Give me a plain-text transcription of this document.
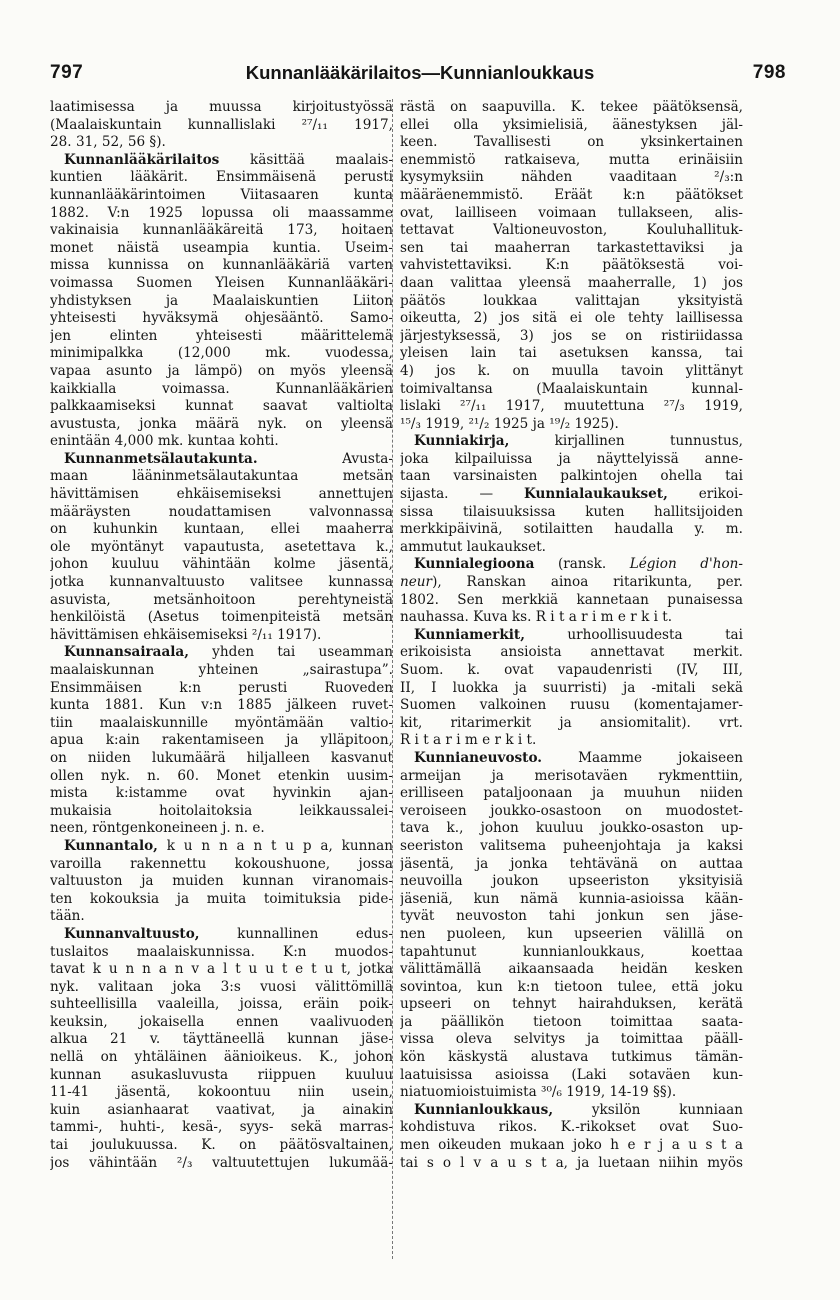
797	Kunnanlääkärilaitos—Kunnianloukkaus	798
laatimisessa ja muussa kirjoitustyössä
(Maalaiskuntain kunnallislaki ²⁷/₁₁ 1917,
28. 31, 52, 56 §).
Kunnanlääkärilaitos käsittää maalais-
kuntien lääkärit. Ensimmäisenä perusti
kunnanlääkärintoimen Viitasaaren kunta
1882. V:n 1925 lopussa oli maassamme
vakinaisia kunnanlääkäreitä 173, hoitaen
monet näistä useampia kuntia. Useim-
missa kunnissa on kunnanlääkäriä varten
voimassa Suomen Yleisen Kunnanlääkäri-
yhdistyksen ja Maalaiskuntien Liiton
yhteisesti hyväksymä ohjesääntö. Samo-
jen elinten yhteisesti määrittelemä
minimipalkka (12,000 mk. vuodessa,
vapaa asunto ja lämpö) on myös yleensä
kaikkialla voimassa. Kunnanlääkärien
palkkaamiseksi kunnat saavat valtiolta
avustusta, jonka määrä nyk. on yleensä
enintään 4,000 mk. kuntaa kohti.
Kunnanmetsälautakunta. Avusta-
maan lääninmetsälautakuntaa metsän
hävittämisen ehkäisemiseksi annettujen
määräysten noudattamisen valvonnassa
on kuhunkin kuntaan, ellei maaherra
ole myöntänyt vapautusta, asetettava k.,
johon kuuluu vähintään kolme jäsentä,
jotka kunnanvaltuusto valitsee kunnassa
asuvista, metsänhoitoon perehtyneistä
henkilöistä (Asetus toimenpiteistä metsän
hävittämisen ehkäisemiseksi ²/₁₁ 1917).
Kunnansairaala, yhden tai useamman
maalaiskunnan yhteinen „sairastupa”.
Ensimmäisen k:n perusti Ruoveden
kunta 1881. Kun v:n 1885 jälkeen ruvet-
tiin maalaiskunnille myöntämään valtio-
apua k:ain rakentamiseen ja ylläpitoon,
on niiden lukumäärä hiljalleen kasvanut
ollen nyk. n. 60. Monet etenkin uusim-
mista k:istamme ovat hyvinkin ajan-
mukaisia hoitolaitoksia leikkaussalei-
neen, röntgenkoneineen j. n. e.
Kunnantalo, k u n n a n t u p a, kunnan
varoilla rakennettu kokoushuone, jossa
valtuuston ja muiden kunnan viranomais-
ten kokouksia ja muita toimituksia pide-
tään.
Kunnanvaltuusto, kunnallinen edus-
tuslaitos maalaiskunnissa. K:n muodos-
tavat k u n n a n v a l t u u t e t u t, jotka
nyk. valitaan joka 3:s vuosi välittömillä
suhteellisilla vaaleilla, joissa, eräin poik-
keuksin, jokaisella ennen vaalivuoden
alkua 21 v. täyttäneellä kunnan jäse-
nellä on yhtäläinen äänioikeus. K., johon
kunnan asukasluvusta riippuen kuuluu
11-41 jäsentä, kokoontuu niin usein,
kuin asianhaarat vaativat, ja ainakin
tammi-, huhti-, kesä-, syys- sekä marras-
tai joulukuussa. K. on päätösvaltainen,
jos vähintään ²/₃ valtuutettujen lukumää-
rästä on saapuvilla. K. tekee päätöksensä,
ellei olla yksimielisiä, äänestyksen jäl-
keen. Tavallisesti on yksinkertainen
enemmistö ratkaiseva, mutta erinäisiin
kysymyksiin nähden vaaditaan ²/₃:n
määräenemmistö. Eräät k:n päätökset
ovat, lailliseen voimaan tullakseen, alis-
tettavat Valtioneuvoston, Kouluhallituk-
sen tai maaherran tarkastettaviksi ja
vahvistettaviksi. K:n päätöksestä voi-
daan valittaa yleensä maaherralle, 1) jos
päätös loukkaa valittajan yksityistä
oikeutta, 2) jos sitä ei ole tehty laillisessa
järjestyksessä, 3) jos se on ristiriidassa
yleisen lain tai asetuksen kanssa, tai
4) jos k. on muulla tavoin ylittänyt
toimivaltansa (Maalaiskuntain kunnal-
lislaki ²⁷/₁₁ 1917, muutettuna ²⁷/₃ 1919,
¹⁵/₃ 1919, ²¹/₂ 1925 ja ¹⁹/₂ 1925).
Kunniakirja, kirjallinen tunnustus,
joka kilpailuissa ja näyttelyissä anne-
taan varsinaisten palkintojen ohella tai
sijasta. — Kunnialaukaukset, erikoi-
sissa tilaisuuksissa kuten hallitsijoiden
merkkipäivinä, sotilaitten haudalla y. m.
ammutut laukaukset.
Kunnialegioona (ransk. Légion d'hon-
neur), Ranskan ainoa ritarikunta, per.
1802. Sen merkkiä kannetaan punaisessa
nauhassa. Kuva ks. R i t a r i m e r k i t.
Kunniamerkit, urhoollisuudesta tai
erikoisista ansioista annettavat merkit.
Suom. k. ovat vapaudenristi (IV, III,
II, I luokka ja suurristi) ja -mitali sekä
Suomen valkoinen ruusu (komentajamer-
kit, ritarimerkit ja ansiomitalit). vrt.
R i t a r i m e r k i t.
Kunnianeuvosto. Maamme jokaiseen
armeijan ja merisotaväen rykmenttiin,
erilliseen pataljoonaan ja muuhun niiden
veroiseen joukko-osastoon on muodostet-
tava k., johon kuuluu joukko-osaston up-
seeriston valitsema puheenjohtaja ja kaksi
jäsentä, ja jonka tehtävänä on auttaa
neuvoilla joukon upseeriston yksityisiä
jäseniä, kun nämä kunnia-asioissa kään-
tyvät neuvoston tahi jonkun sen jäse-
nen puoleen, kun upseerien välillä on
tapahtunut kunnianloukkaus, koettaa
välittämällä aikaansaada heidän kesken
sovintoa, kun k:n tietoon tulee, että joku
upseeri on tehnyt hairahduksen, kerätä
ja päällikön tietoon toimittaa saata-
vissa oleva selvitys ja toimittaa pääll-
kön käskystä alustava tutkimus tämän-
laatuisissa asioissa (Laki sotaväen kun-
niatuomioistuimista ³⁰/₆ 1919, 14-19 §§).
Kunnianloukkaus, yksilön kunniaan
kohdistuva rikos. K.-rikokset ovat Suo-
men oikeuden mukaan joko h e r j a u s t a
tai s o l v a u s t a, ja luetaan niihin myös
